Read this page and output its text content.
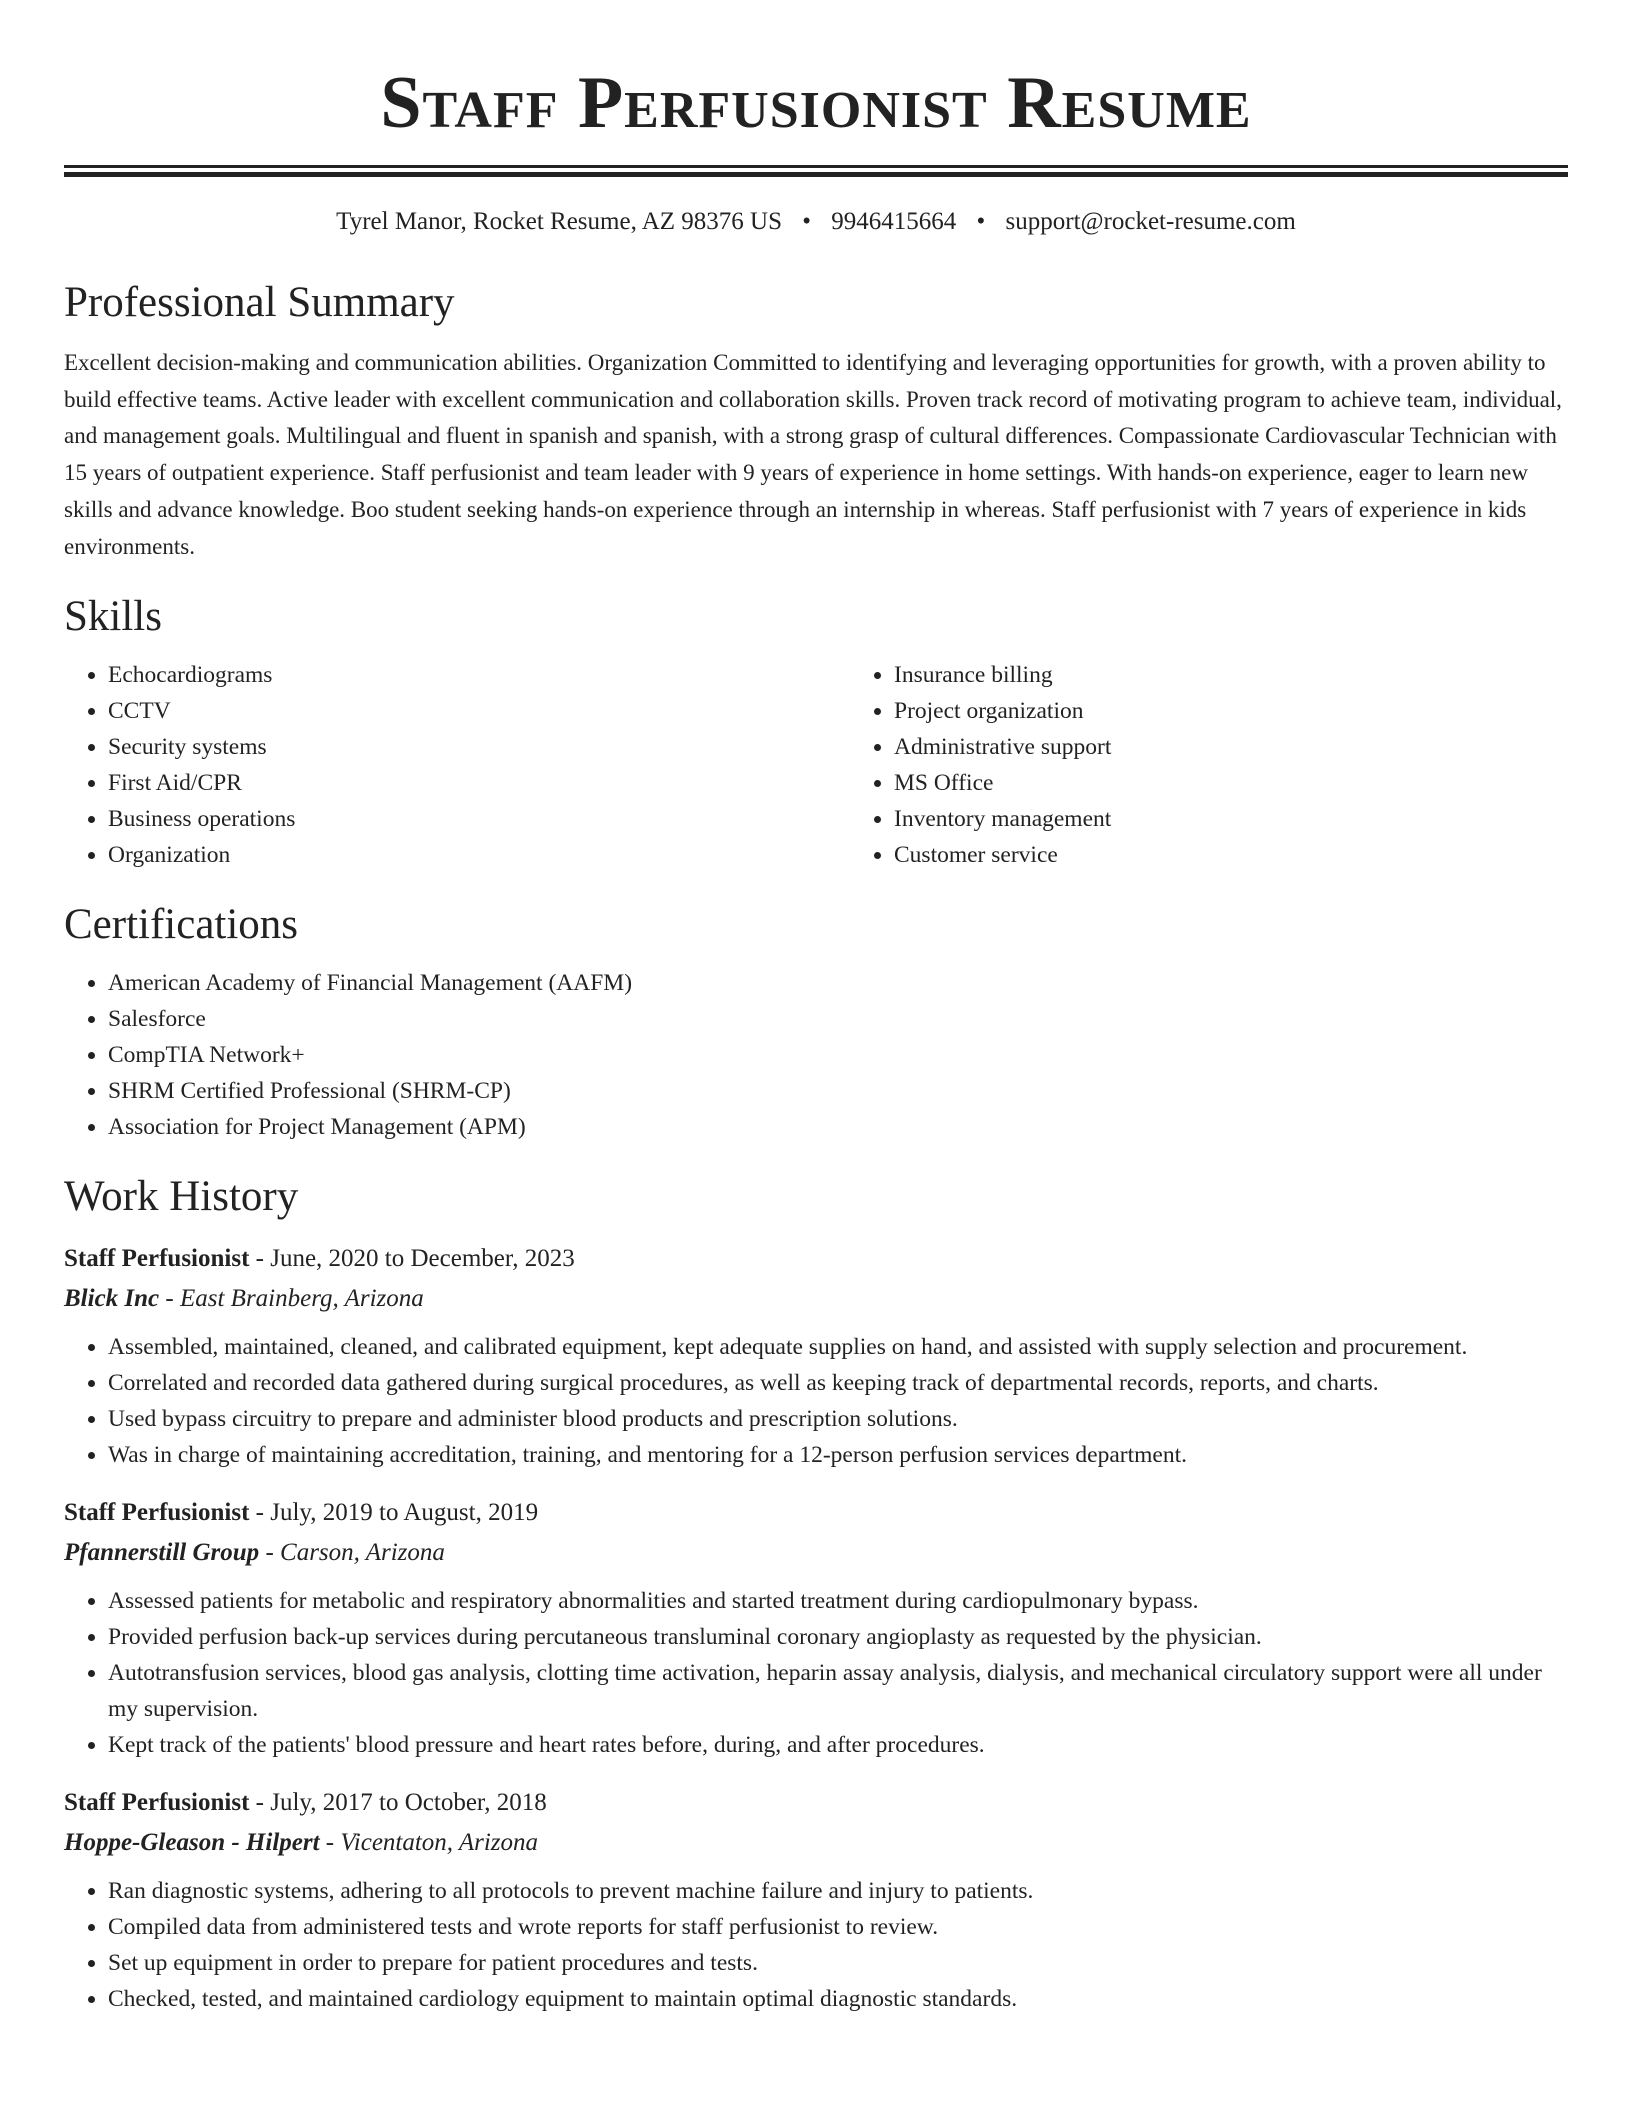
Staff Perfusionist Resume
Tyrel Manor, Rocket Resume, AZ 98376 US • 9946415664 • support@rocket-resume.com
Professional Summary

Excellent decision-making and communication abilities. Organization Committed to identifying and leveraging opportunities for growth, with a proven ability to build effective teams. Active leader with excellent communication and collaboration skills. Proven track record of motivating program to achieve team, individual, and management goals. Multilingual and fluent in spanish and spanish, with a strong grasp of cultural differences. Compassionate Cardiovascular Technician with 15 years of outpatient experience. Staff perfusionist and team leader with 9 years of experience in home settings. With hands-on experience, eager to learn new skills and advance knowledge. Boo student seeking hands-on experience through an internship in whereas. Staff perfusionist with 7 years of experience in kids environments.

Skills
• Echocardiograms
• CCTV
• Security systems
• First Aid/CPR
• Business operations
• Organization
• Insurance billing
• Project organization
• Administrative support
• MS Office
• Inventory management
• Customer service
Certifications
• American Academy of Financial Management (AAFM)
• Salesforce
• CompTIA Network+
• SHRM Certified Professional (SHRM-CP)
• Association for Project Management (APM)
Work History
Staff Perfusionist - June, 2020 to December, 2023
Blick Inc - East Brainberg, Arizona
• Assembled, maintained, cleaned, and calibrated equipment, kept adequate supplies on hand, and assisted with supply selection and procurement.
• Correlated and recorded data gathered during surgical procedures, as well as keeping track of departmental records, reports, and charts.
• Used bypass circuitry to prepare and administer blood products and prescription solutions.
• Was in charge of maintaining accreditation, training, and mentoring for a 12-person perfusion services department.
Staff Perfusionist - July, 2019 to August, 2019
Pfannerstill Group - Carson, Arizona
• Assessed patients for metabolic and respiratory abnormalities and started treatment during cardiopulmonary bypass.
• Provided perfusion back-up services during percutaneous transluminal coronary angioplasty as requested by the physician.
• Autotransfusion services, blood gas analysis, clotting time activation, heparin assay analysis, dialysis, and mechanical circulatory support were all under my supervision.
• Kept track of the patients' blood pressure and heart rates before, during, and after procedures.
Staff Perfusionist - July, 2017 to October, 2018
Hoppe-Gleason - Hilpert - Vicentaton, Arizona
• Ran diagnostic systems, adhering to all protocols to prevent machine failure and injury to patients.
• Compiled data from administered tests and wrote reports for staff perfusionist to review.
• Set up equipment in order to prepare for patient procedures and tests.
• Checked, tested, and maintained cardiology equipment to maintain optimal diagnostic standards.
